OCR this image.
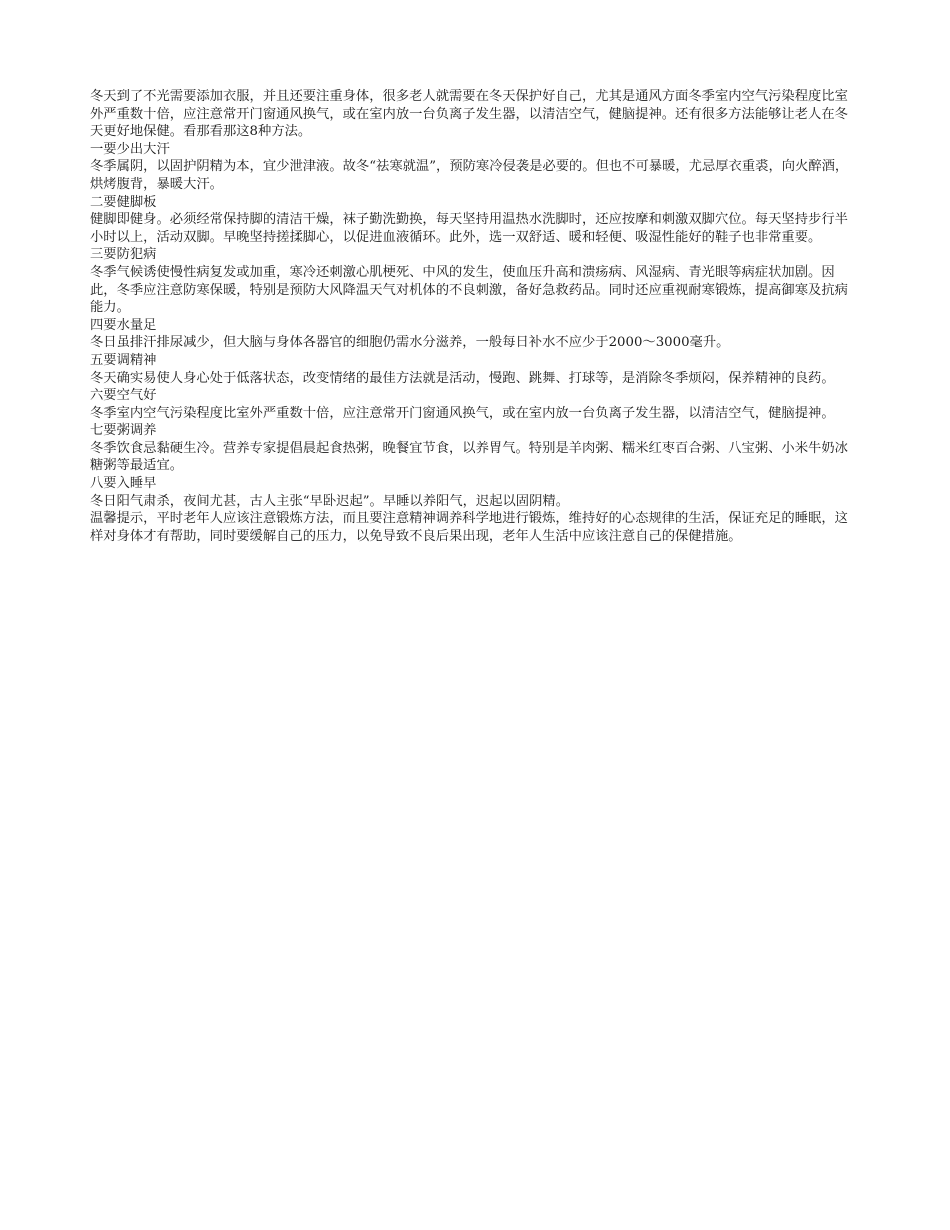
冬天到了不光需要添加衣服，并且还要注重身体，很多老人就需要在冬天保护好自己，尤其是通风方面冬季室内空气污染程度比室外严重数十倍，应注意常开门窗通风换气，或在室内放一台负离子发生器，以清洁空气，健脑提神。还有很多方法能够让老人在冬天更好地保健。看那看那这8种方法。

一要少出大汗

冬季属阴，以固护阴精为本，宜少泄津液。故冬“祛寒就温”，预防寒冷侵袭是必要的。但也不可暴暖，尤忌厚衣重裘，向火醉酒，烘烤腹背，暴暖大汗。

二要健脚板

健脚即健身。必须经常保持脚的清洁干燥，袜子勤洗勤换，每天坚持用温热水洗脚时，还应按摩和刺激双脚穴位。每天坚持步行半小时以上，活动双脚。早晚坚持搓揉脚心，以促进血液循环。此外，选一双舒适、暖和轻便、吸湿性能好的鞋子也非常重要。

三要防犯病

冬季气候诱使慢性病复发或加重，寒冷还刺激心肌梗死、中风的发生，使血压升高和溃疡病、风湿病、青光眼等病症状加剧。因此，冬季应注意防寒保暖，特别是预防大风降温天气对机体的不良刺激，备好急救药品。同时还应重视耐寒锻炼，提高御寒及抗病能力。

四要水量足

冬日虽排汗排尿减少，但大脑与身体各器官的细胞仍需水分滋养，一般每日补水不应少于2000～3000毫升。

五要调精神

冬天确实易使人身心处于低落状态，改变情绪的最佳方法就是活动，慢跑、跳舞、打球等，是消除冬季烦闷，保养精神的良药。

六要空气好

冬季室内空气污染程度比室外严重数十倍，应注意常开门窗通风换气，或在室内放一台负离子发生器，以清洁空气，健脑提神。

七要粥调养

冬季饮食忌黏硬生冷。营养专家提倡晨起食热粥，晚餐宜节食，以养胃气。特别是羊肉粥、糯米红枣百合粥、八宝粥、小米牛奶冰糖粥等最适宜。

八要入睡早

冬日阳气肃杀，夜间尤甚，古人主张“早卧迟起”。早睡以养阳气，迟起以固阴精。

温馨提示，平时老年人应该注意锻炼方法，而且要注意精神调养科学地进行锻炼，维持好的心态规律的生活，保证充足的睡眠，这样对身体才有帮助，同时要缓解自己的压力，以免导致不良后果出现，老年人生活中应该注意自己的保健措施。
